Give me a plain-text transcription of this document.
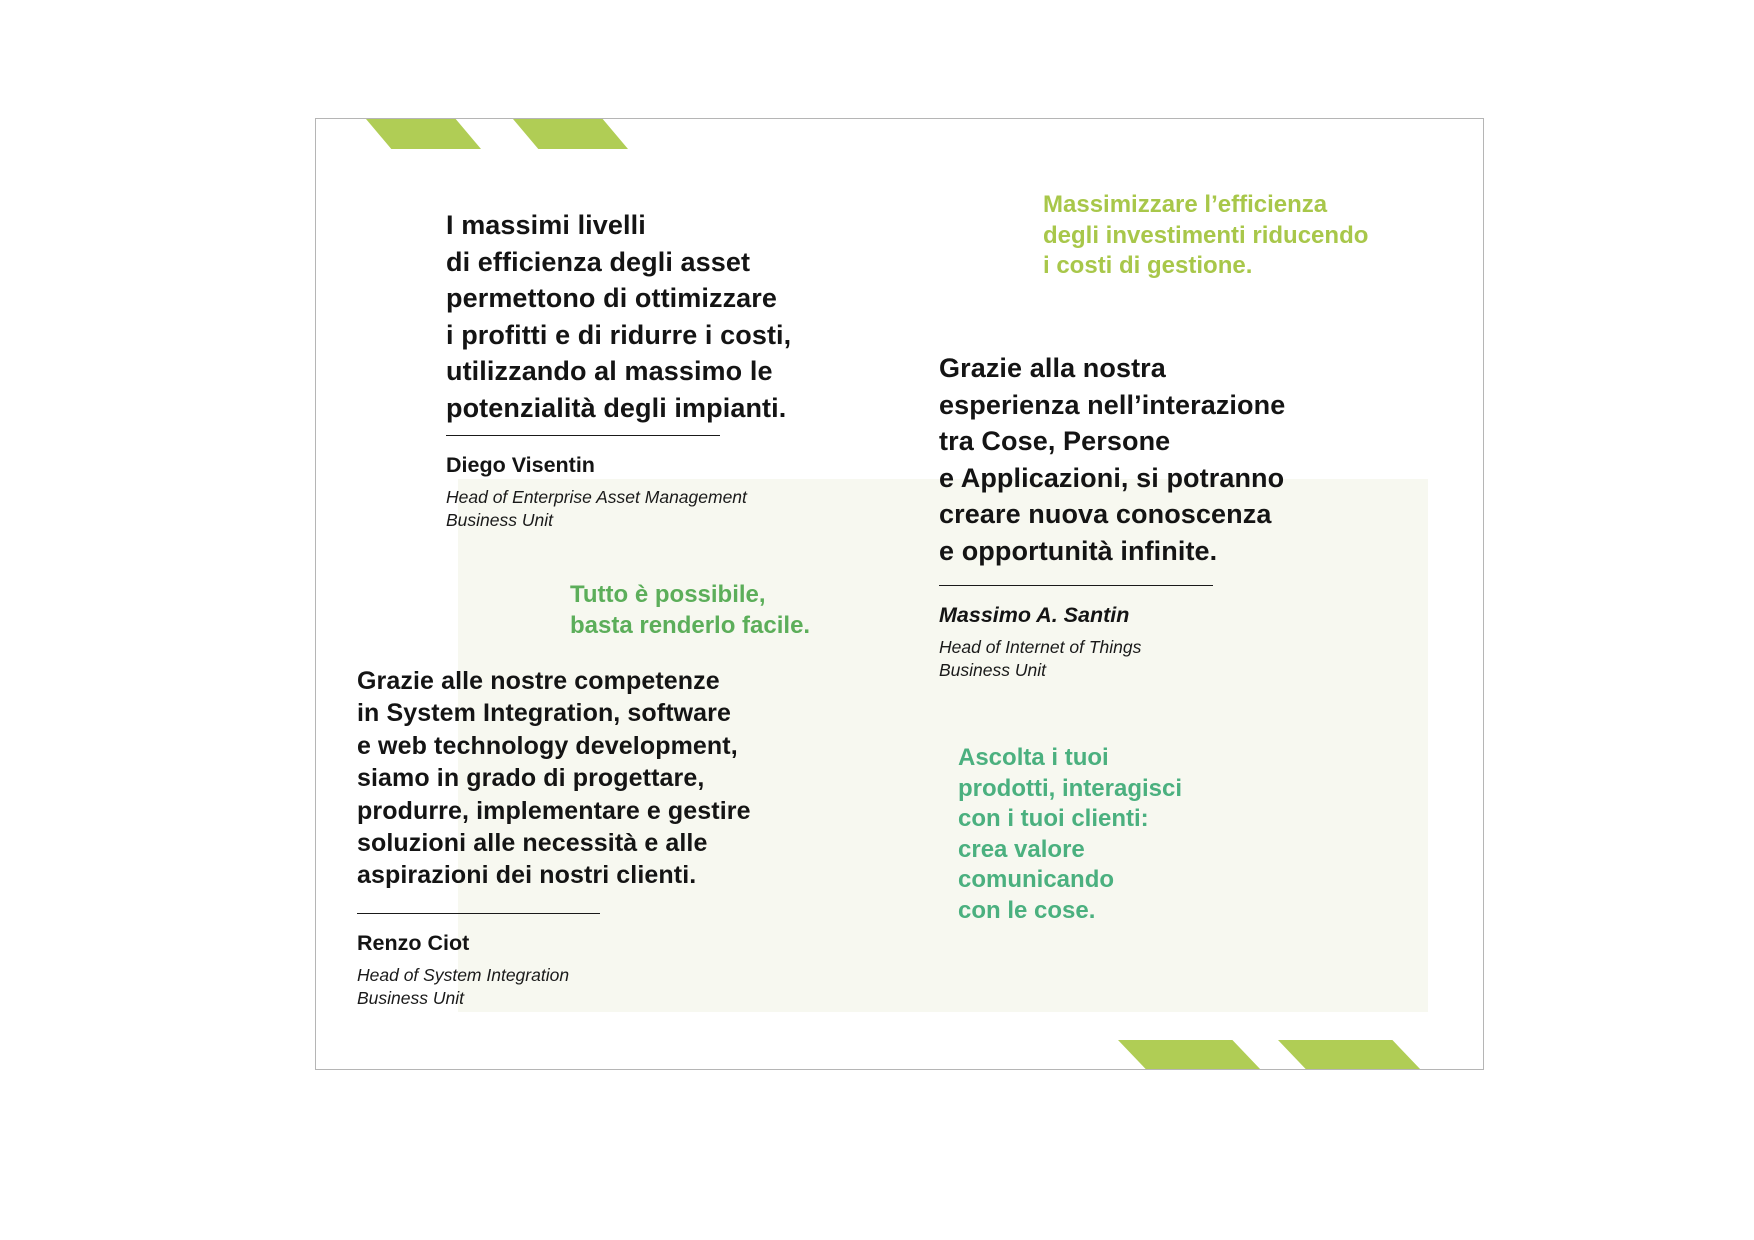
I massimi livelli
di efficienza degli asset
permettono di ottimizzare
i profitti e di ridurre i costi,
utilizzando al massimo le
potenzialità degli impianti.

Diego Visentin
Head of Enterprise Asset Management
Business Unit
Massimizzare l’efficienza
degli investimenti riducendo
i costi di gestione.

Grazie alla nostra
esperienza nell’interazione
tra Cose, Persone
e Applicazioni, si potranno
creare nuova conoscenza
e opportunità infinite.

Massimo A. Santin
Head of Internet of Things
Business Unit
Tutto è possibile,
basta renderlo facile.

Grazie alle nostre competenze
in System Integration, software
e web technology development,
siamo in grado di progettare,
produrre, implementare e gestire
soluzioni alle necessità e alle
aspirazioni dei nostri clienti.

Renzo Ciot
Head of System Integration
Business Unit
Ascolta i tuoi
prodotti, interagisci
con i tuoi clienti:
crea valore
comunicando
con le cose.
